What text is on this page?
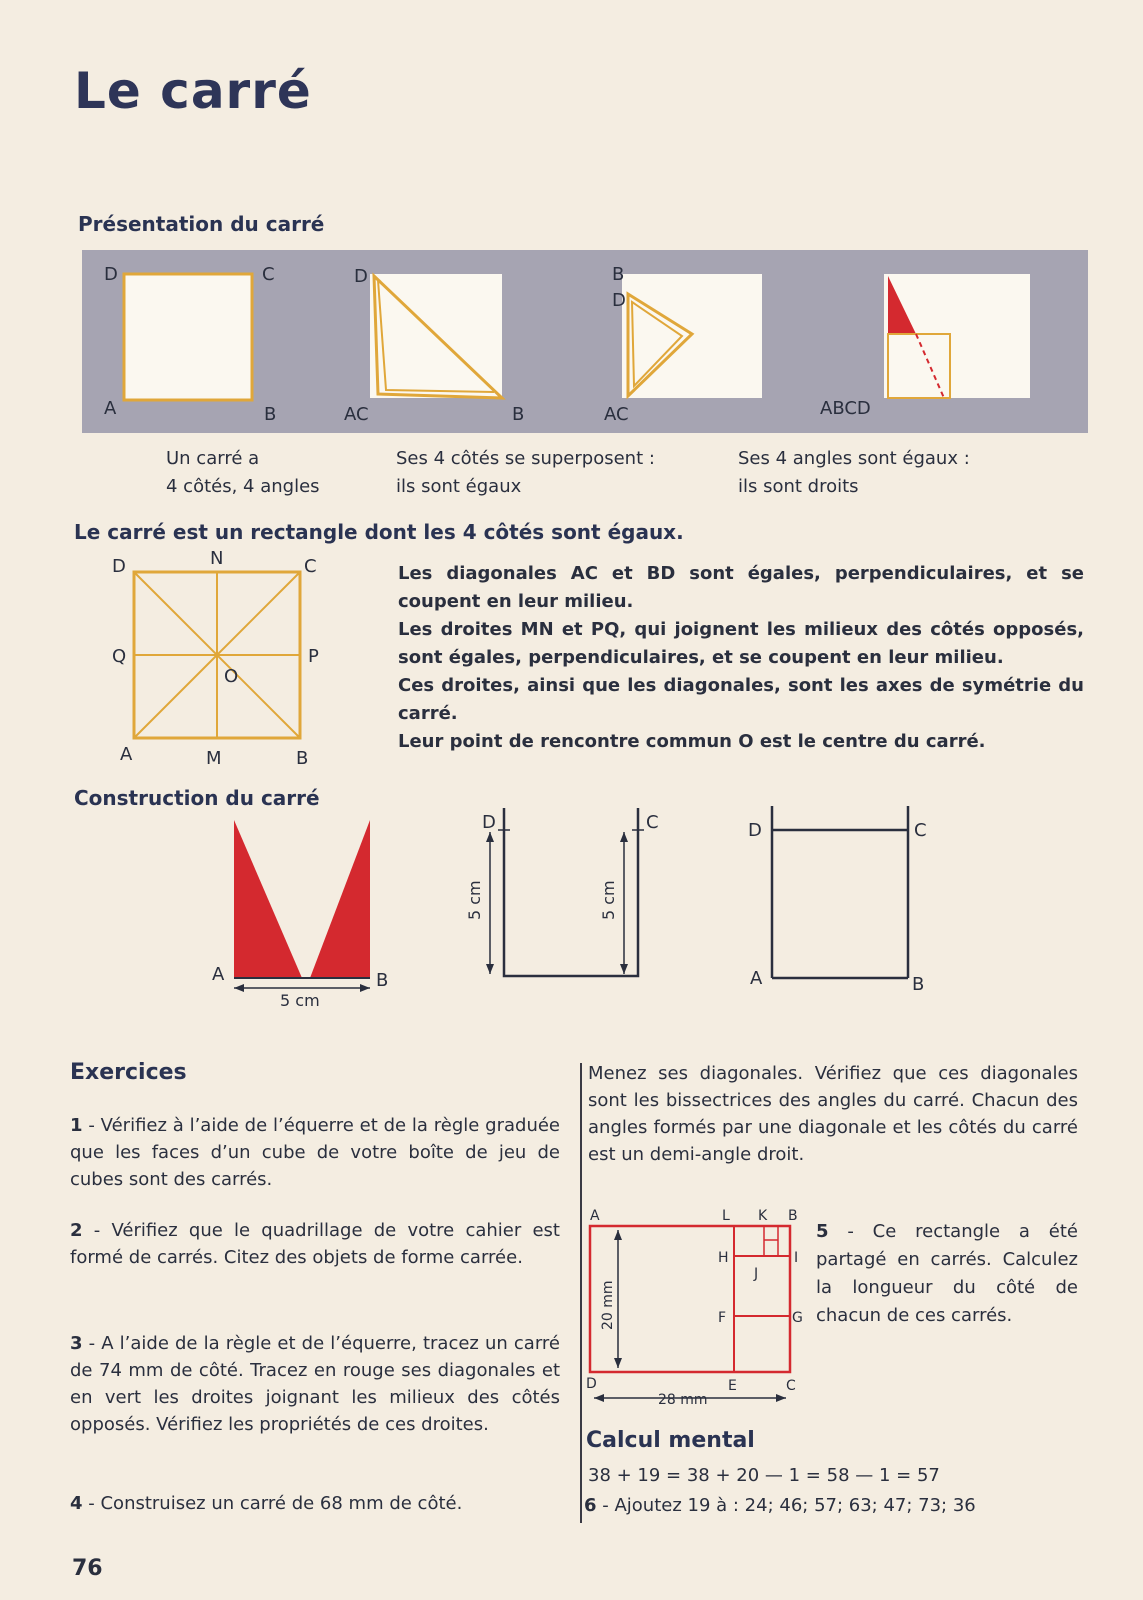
Le carré
Présentation du carré
D	C
A	B
D
AC	B
B
D
AC	ABCD
Un carré a
4 côtés, 4 angles
Ses 4 côtés se superposent :
ils sont égaux
Ses 4 angles sont égaux :
ils sont droits
Le carré est un rectangle dont les 4 côtés sont égaux.
D	N	C
Q	P
O
A	M	B
Les diagonales AC et BD sont égales, perpendiculaires, et se coupent en leur milieu.
Les droites MN et PQ, qui joignent les milieux des côtés opposés, sont égales, perpendiculaires, et se coupent en leur milieu.
Ces droites, ainsi que les diagonales, sont les axes de symétrie du carré.
Leur point de rencontre commun O est le centre du carré.
Construction du carré
A	B
5 cm
D	C
5 cm	5 cm
D	C
A	B
Exercices
1 - Vérifiez à l’aide de l’équerre et de la règle graduée que les faces d’un cube de votre boîte de jeu de cubes sont des carrés.
2 - Vérifiez que le quadrillage de votre cahier est formé de carrés. Citez des objets de forme carrée.
3 - A l’aide de la règle et de l’équerre, tracez un carré de 74 mm de côté. Tracez en rouge ses diagonales et en vert les droites joignant les milieux des côtés opposés. Vérifiez les propriétés de ces droites.
4 - Construisez un carré de 68 mm de côté.
Menez ses diagonales. Vérifiez que ces diagonales sont les bissectrices des angles du carré. Chacun des angles formés par une diagonale et les côtés du carré est un demi-angle droit.
A	L K B
H	I
J
F	G
D	E	C
20 mm
28 mm
5 - Ce rectangle a été partagé en carrés. Calculez la longueur du côté de chacun de ces carrés.
Calcul mental
38 + 19 = 38 + 20 — 1 = 58 — 1 = 57
6 - Ajoutez 19 à : 24; 46; 57; 63; 47; 73; 36
76
